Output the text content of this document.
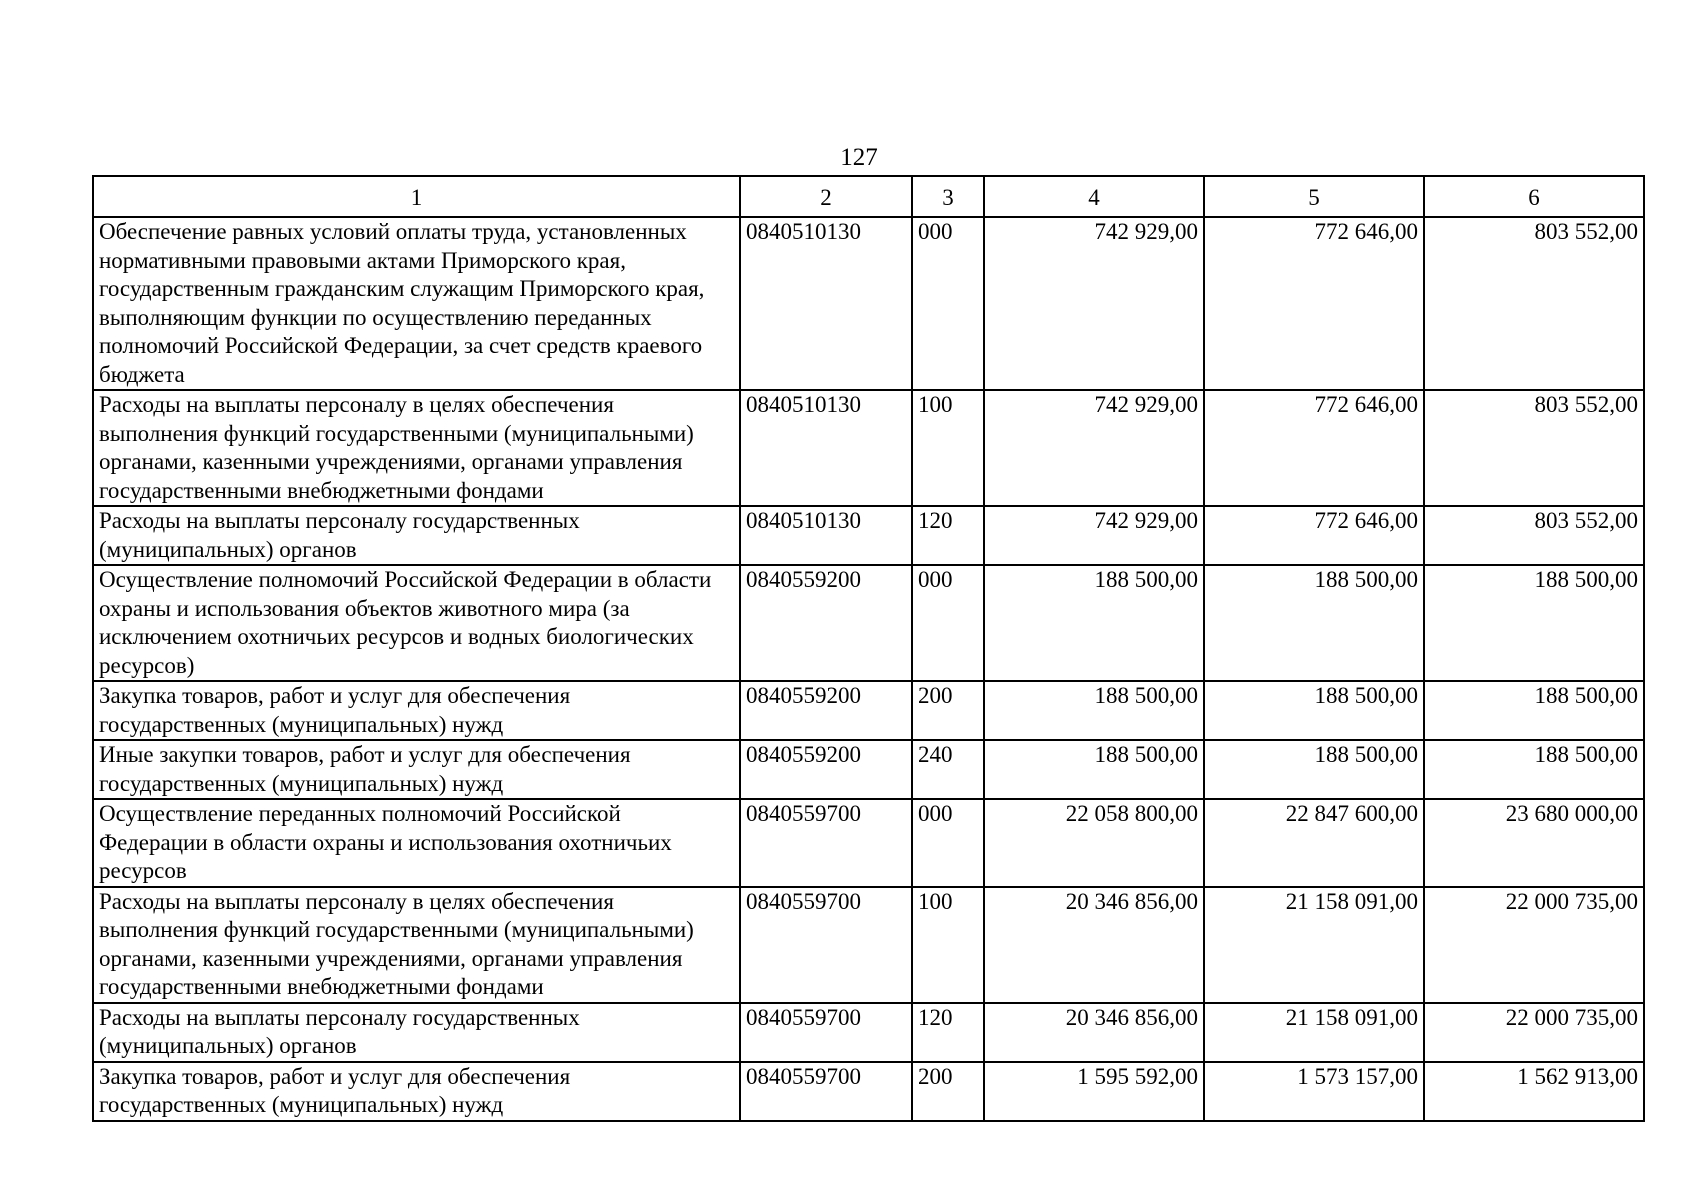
127
1	2	3	4	5	6
Обеспечение равных условий оплаты труда, установленных нормативными правовыми актами Приморского края, государственным гражданским служащим Приморского края, выполняющим функции по осуществлению переданных полномочий Российской Федерации, за счет средств краевого бюджета	0840510130	000	742 929,00	772 646,00	803 552,00
Расходы на выплаты персоналу в целях обеспечения выполнения функций государственными (муниципальными) органами, казенными учреждениями, органами управления государственными внебюджетными фондами	0840510130	100	742 929,00	772 646,00	803 552,00
Расходы на выплаты персоналу государственных (муниципальных) органов	0840510130	120	742 929,00	772 646,00	803 552,00
Осуществление полномочий Российской Федерации в области охраны и использования объектов животного мира (за исключением охотничьих ресурсов и водных биологических ресурсов)	0840559200	000	188 500,00	188 500,00	188 500,00
Закупка товаров, работ и услуг для обеспечения государственных (муниципальных) нужд	0840559200	200	188 500,00	188 500,00	188 500,00
Иные закупки товаров, работ и услуг для обеспечения государственных (муниципальных) нужд	0840559200	240	188 500,00	188 500,00	188 500,00
Осуществление переданных полномочий Российской Федерации в области охраны и использования охотничьих ресурсов	0840559700	000	22 058 800,00	22 847 600,00	23 680 000,00
Расходы на выплаты персоналу в целях обеспечения выполнения функций государственными (муниципальными) органами, казенными учреждениями, органами управления государственными внебюджетными фондами	0840559700	100	20 346 856,00	21 158 091,00	22 000 735,00
Расходы на выплаты персоналу государственных (муниципальных) органов	0840559700	120	20 346 856,00	21 158 091,00	22 000 735,00
Закупка товаров, работ и услуг для обеспечения государственных (муниципальных) нужд	0840559700	200	1 595 592,00	1 573 157,00	1 562 913,00
